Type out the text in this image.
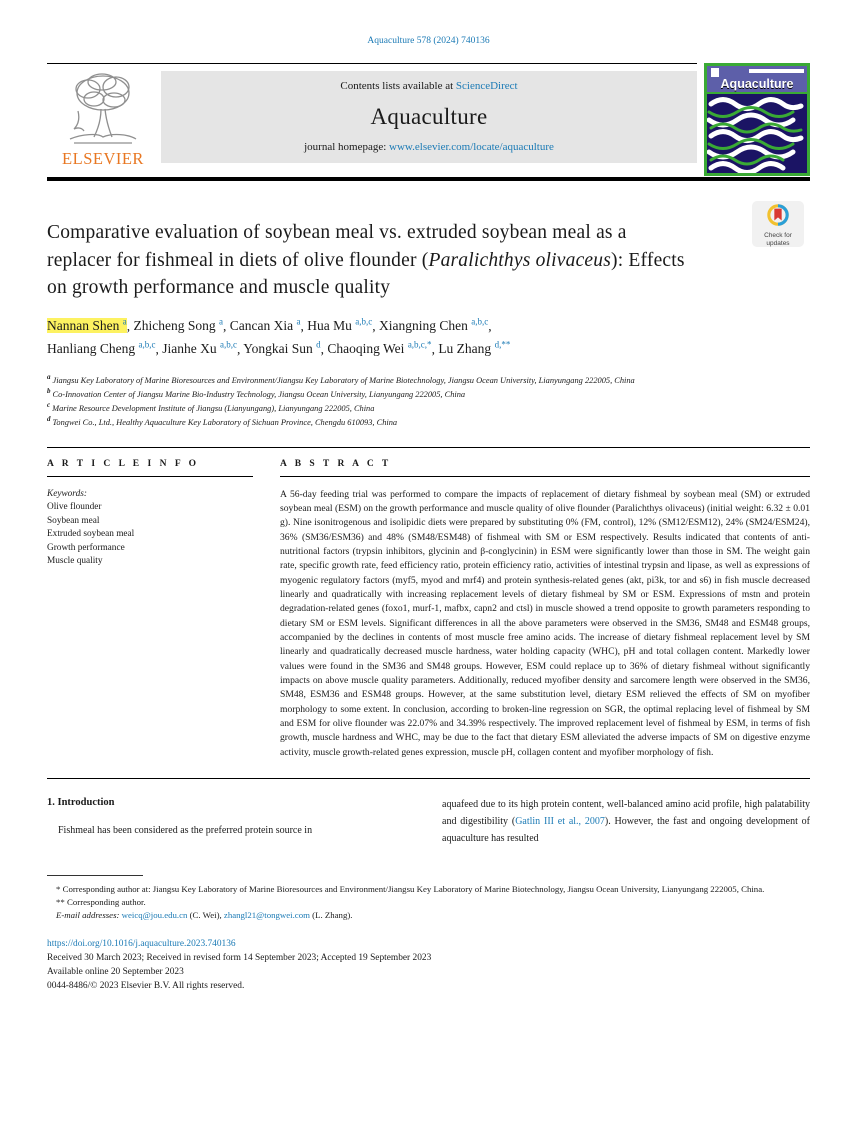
Aquaculture 578 (2024) 740136
ELSEVIER
Contents lists available at ScienceDirect
Aquaculture
journal homepage: www.elsevier.com/locate/aquaculture
Aquaculture
Comparative evaluation of soybean meal vs. extruded soybean meal as a replacer for fishmeal in diets of olive flounder (Paralichthys olivaceus): Effects on growth performance and muscle quality
Check for updates
Nannan Shen $^a$, Zhicheng Song $^a$, Cancan Xia $^a$, Hua Mu $^{a,b,c}$, Xiangning Chen $^{a,b,c}$,
Hanliang Cheng $^{a,b,c}$, Jianhe Xu $^{a,b,c}$, Yongkai Sun $^d$, Chaoqing Wei $^{a,b,c,*}$, Lu Zhang $^{d,**}$
$^a$ Jiangsu Key Laboratory of Marine Bioresources and Environment/Jiangsu Key Laboratory of Marine Biotechnology, Jiangsu Ocean University, Lianyungang 222005, China
$^b$ Co-Innovation Center of Jiangsu Marine Bio-Industry Technology, Jiangsu Ocean University, Lianyungang 222005, China
$^c$ Marine Resource Development Institute of Jiangsu (Lianyungang), Lianyungang 222005, China
$^d$ Tongwei Co., Ltd., Healthy Aquaculture Key Laboratory of Sichuan Province, Chengdu 610093, China
A R T I C L E I N F O
Keywords:
Olive flounder
Soybean meal
Extruded soybean meal
Growth performance
Muscle quality
A B S T R A C T
A 56-day feeding trial was performed to compare the impacts of replacement of dietary fishmeal by soybean meal (SM) or extruded soybean meal (ESM) on the growth performance and muscle quality of olive flounder (Paralichthys olivaceus) (initial weight: 6.32 ± 0.01 g). Nine isonitrogenous and isolipidic diets were prepared by substituting 0% (FM, control), 12% (SM12/ESM12), 24% (SM24/ESM24), 36% (SM36/ESM36) and 48% (SM48/ESM48) of fishmeal with SM or ESM respectively. Results indicated that contents of anti-nutritional factors (trypsin inhibitors, glycinin and β-conglycinin) in ESM were significantly lower than those in SM. The weight gain rate, specific growth rate, feed efficiency ratio, protein efficiency ratio, activities of intestinal trypsin and lipase, as well as expressions of myogenic regulatory factors (myf5, myod and mrf4) and protein synthesis-related genes (akt, pi3k, tor and s6) in fish muscle decreased linearly and quadratically with increasing replacement levels of dietary fishmeal by SM or ESM. Expressions of mstn and protein degradation-related genes (foxo1, murf-1, mafbx, capn2 and ctsl) in muscle showed a trend opposite to growth parameters responding to dietary SM or ESM levels. Significant differences in all the above parameters were observed in the SM36, SM48 and ESM48 groups, accompanied by the declines in contents of most muscle free amino acids. The increase of dietary fishmeal replacement level by SM linearly and quadratically decreased muscle hardness, water holding capacity (WHC), pH and total collagen content. Markedly lower values were found in the SM36 and SM48 groups. However, ESM could replace up to 36% of dietary fishmeal without significantly impacts on above muscle quality parameters. Additionally, reduced myofiber density and sarcomere length were observed in the SM36, SM48, ESM36 and ESM48 groups. However, at the same substitution level, dietary ESM relieved the effects of SM on myofiber morphology to some extent. In conclusion, according to broken-line regression on SGR, the optimal replacing level of fishmeal by SM and ESM for olive flounder was 22.07% and 34.39% respectively. The improved replacement level of fishmeal by ESM, in terms of fish growth, muscle hardness and WHC, may be due to the fact that dietary ESM alleviated the adverse impacts of SM on digestive enzyme activity, muscle growth-related genes expression, muscle pH, collagen content and myofiber morphology of fish.
1. Introduction
Fishmeal has been considered as the preferred protein source in
aquafeed due to its high protein content, well-balanced amino acid profile, high palatability and digestibility (Gatlin III et al., 2007). However, the fast and ongoing development of aquaculture has resulted
* Corresponding author at: Jiangsu Key Laboratory of Marine Bioresources and Environment/Jiangsu Key Laboratory of Marine Biotechnology, Jiangsu Ocean University, Lianyungang 222005, China.
** Corresponding author.
E-mail addresses: weicq@jou.edu.cn (C. Wei), zhangl21@tongwei.com (L. Zhang).
https://doi.org/10.1016/j.aquaculture.2023.740136
Received 30 March 2023; Received in revised form 14 September 2023; Accepted 19 September 2023
Available online 20 September 2023
0044-8486/© 2023 Elsevier B.V. All rights reserved.
